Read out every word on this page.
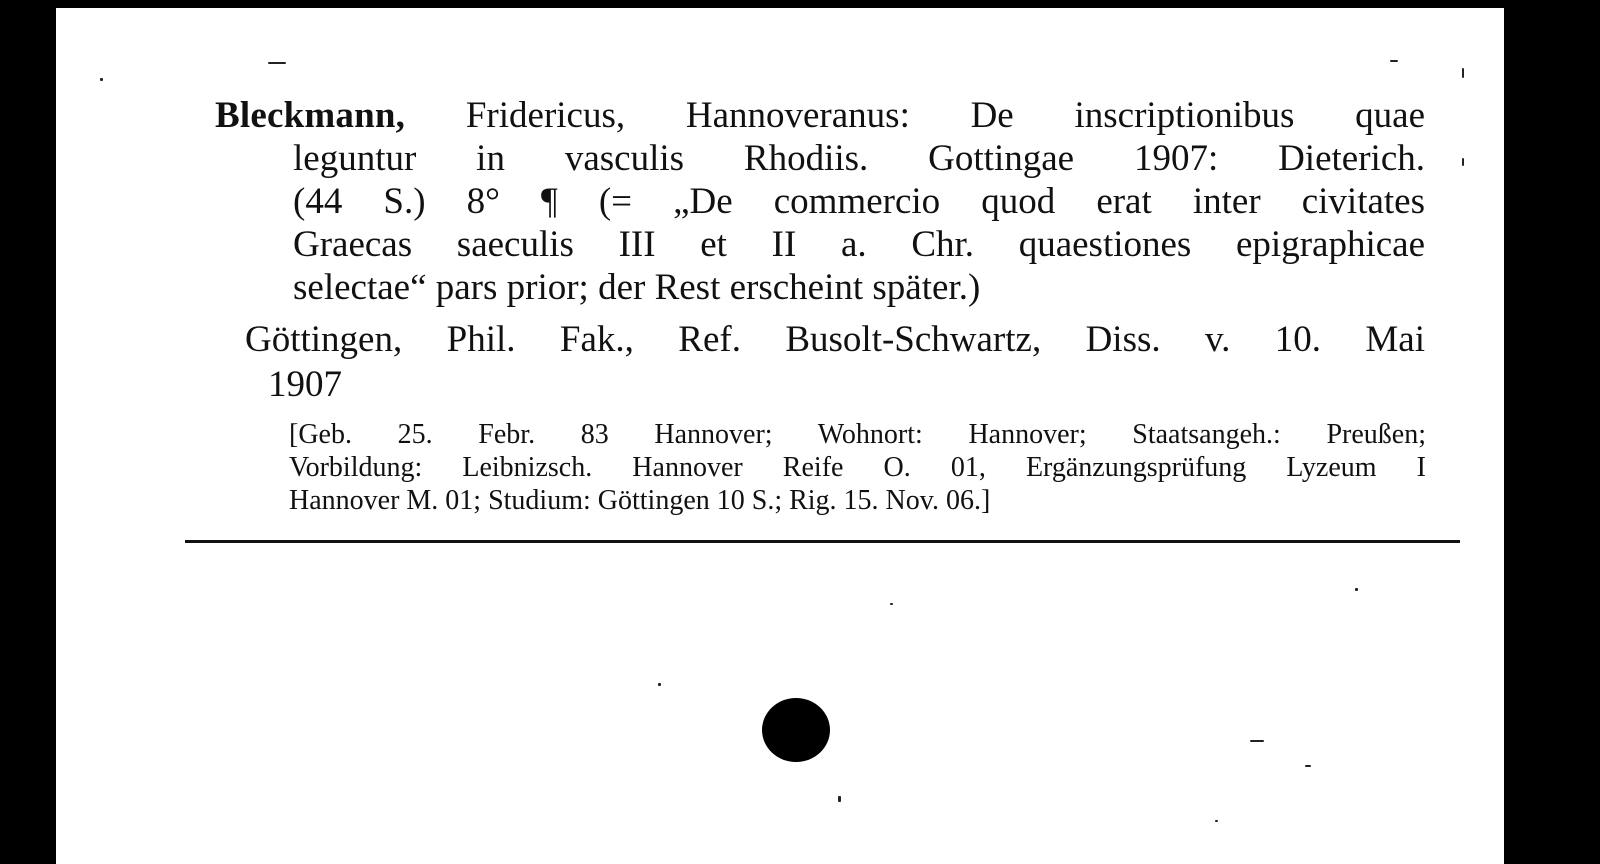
Bleckmann, Fridericus, Hannoveranus: De inscriptionibus quae
leguntur in vasculis Rhodiis. Gottingae 1907: Dieterich.
(44 S.) 8° ¶ (= „De commercio quod erat inter civitates
Graecas saeculis III et II a. Chr. quaestiones epigraphicae
selectae“ pars prior; der Rest erscheint später.)
Göttingen, Phil. Fak., Ref. Busolt-Schwartz, Diss. v. 10. Mai
1907
[Geb. 25. Febr. 83 Hannover; Wohnort: Hannover; Staatsangeh.: Preußen;
Vorbildung: Leibnizsch. Hannover Reife O. 01, Ergänzungsprüfung Lyzeum I
Hannover M. 01; Studium: Göttingen 10 S.; Rig. 15. Nov. 06.]
